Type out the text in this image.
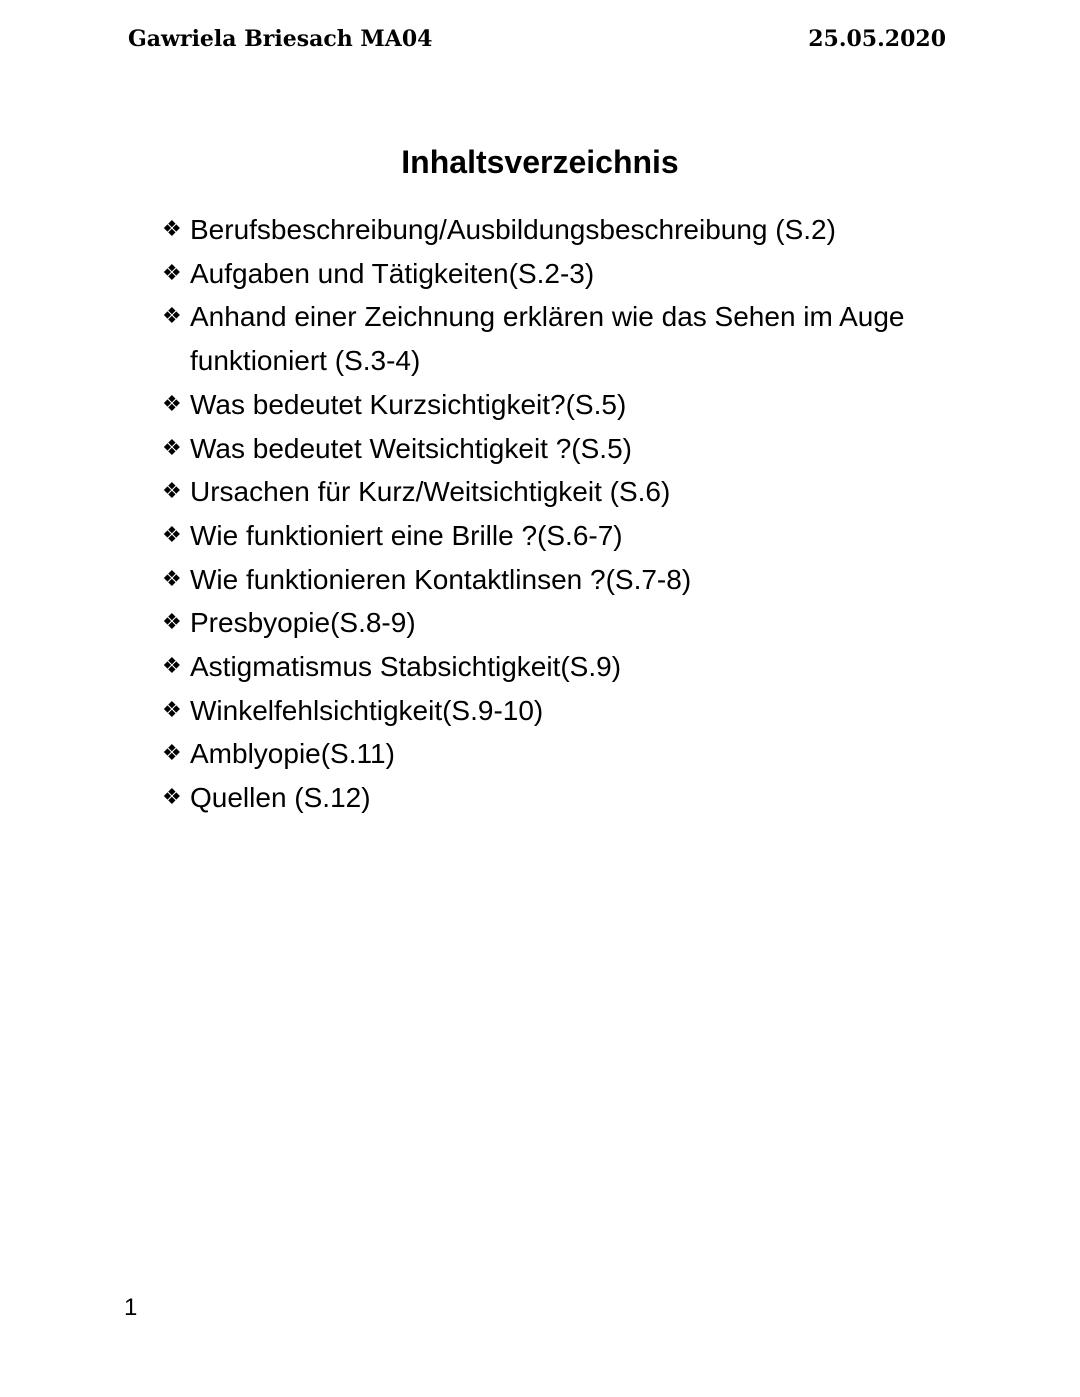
Gawriela Briesach MA04	25.05.2020
Inhaltsverzeichnis
❖ Berufsbeschreibung/Ausbildungsbeschreibung (S.2)
❖ Aufgaben und Tätigkeiten(S.2-3)
❖ Anhand einer Zeichnung erklären wie das Sehen im Auge funktioniert (S.3-4)
❖ Was bedeutet Kurzsichtigkeit?(S.5)
❖ Was bedeutet Weitsichtigkeit ?(S.5)
❖ Ursachen für Kurz/Weitsichtigkeit (S.6)
❖ Wie funktioniert eine Brille ?(S.6-7)
❖ Wie funktionieren Kontaktlinsen ?(S.7-8)
❖ Presbyopie(S.8-9)
❖ Astigmatismus Stabsichtigkeit(S.9)
❖ Winkelfehlsichtigkeit(S.9-10)
❖ Amblyopie(S.11)
❖ Quellen (S.12)
1
